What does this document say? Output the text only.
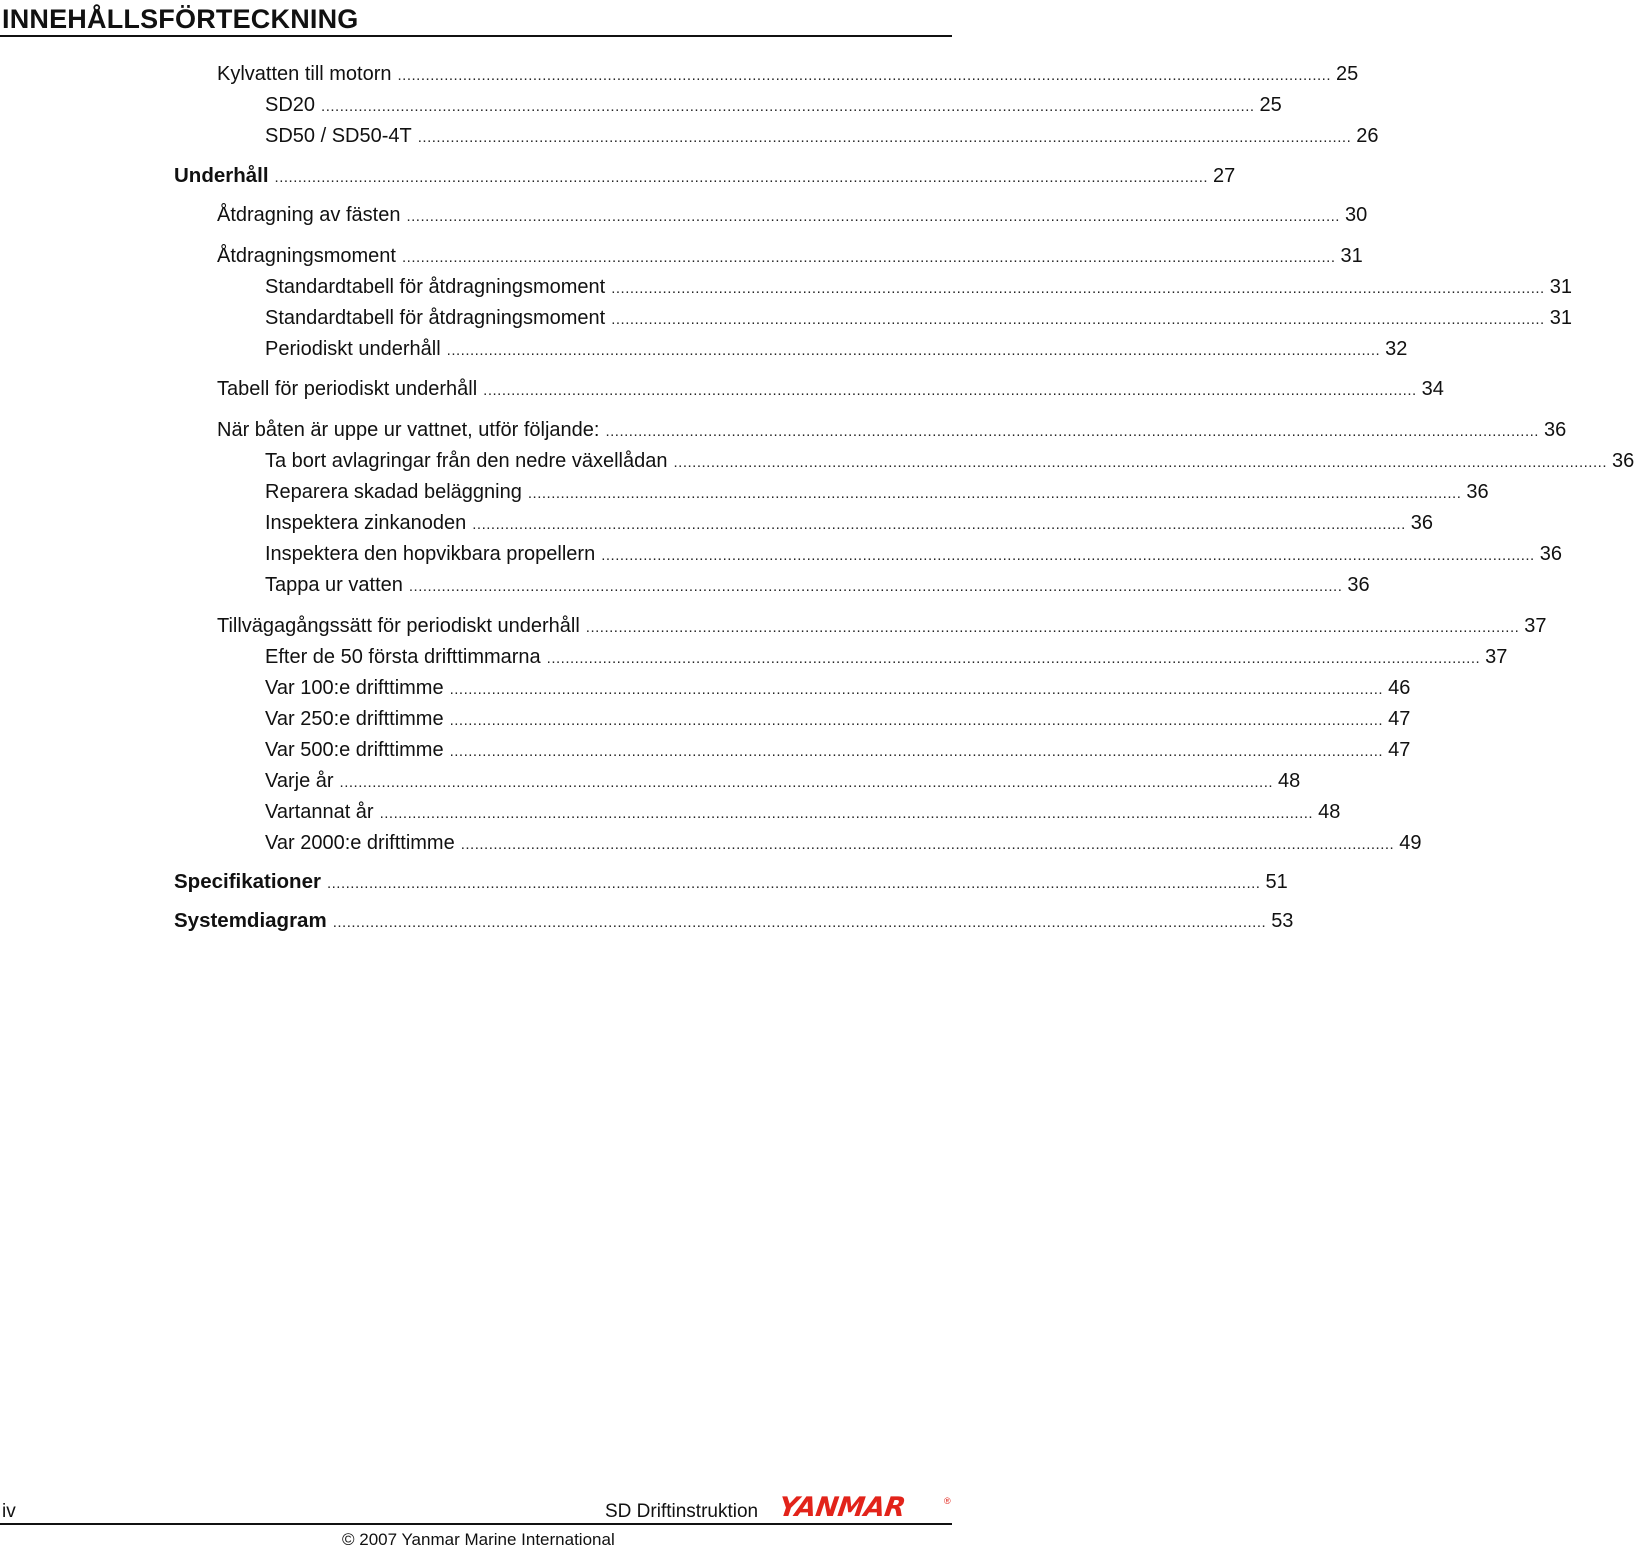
INNEHÅLLSFÖRTECKNING
Kylvatten till motorn ........................................................................................................................................................................................................ 25
SD20 ........................................................................................................................................................................................................ 25
SD50 / SD50-4T ........................................................................................................................................................................................................ 26
Underhåll ........................................................................................................................................................................................................ 27
Åtdragning av fästen ........................................................................................................................................................................................................ 30
Åtdragningsmoment ........................................................................................................................................................................................................ 31
Standardtabell för åtdragningsmoment ........................................................................................................................................................................................................ 31
Standardtabell för åtdragningsmoment ........................................................................................................................................................................................................ 31
Periodiskt underhåll ........................................................................................................................................................................................................ 32
Tabell för periodiskt underhåll ........................................................................................................................................................................................................ 34
När båten är uppe ur vattnet, utför följande: ........................................................................................................................................................................................................ 36
Ta bort avlagringar från den nedre växellådan ........................................................................................................................................................................................................ 36
Reparera skadad beläggning ........................................................................................................................................................................................................ 36
Inspektera zinkanoden ........................................................................................................................................................................................................ 36
Inspektera den hopvikbara propellern ........................................................................................................................................................................................................ 36
Tappa ur vatten ........................................................................................................................................................................................................ 36
Tillvägagångssätt för periodiskt underhåll ........................................................................................................................................................................................................ 37
Efter de 50 första drifttimmarna ........................................................................................................................................................................................................ 37
Var 100:e drifttimme ........................................................................................................................................................................................................ 46
Var 250:e drifttimme ........................................................................................................................................................................................................ 47
Var 500:e drifttimme ........................................................................................................................................................................................................ 47
Varje år ........................................................................................................................................................................................................ 48
Vartannat år ........................................................................................................................................................................................................ 48
Var 2000:e drifttimme ........................................................................................................................................................................................................ 49
Specifikationer ........................................................................................................................................................................................................ 51
Systemdiagram ........................................................................................................................................................................................................ 53
iv	SD Driftinstruktion YANMAR	®
© 2007 Yanmar Marine International
